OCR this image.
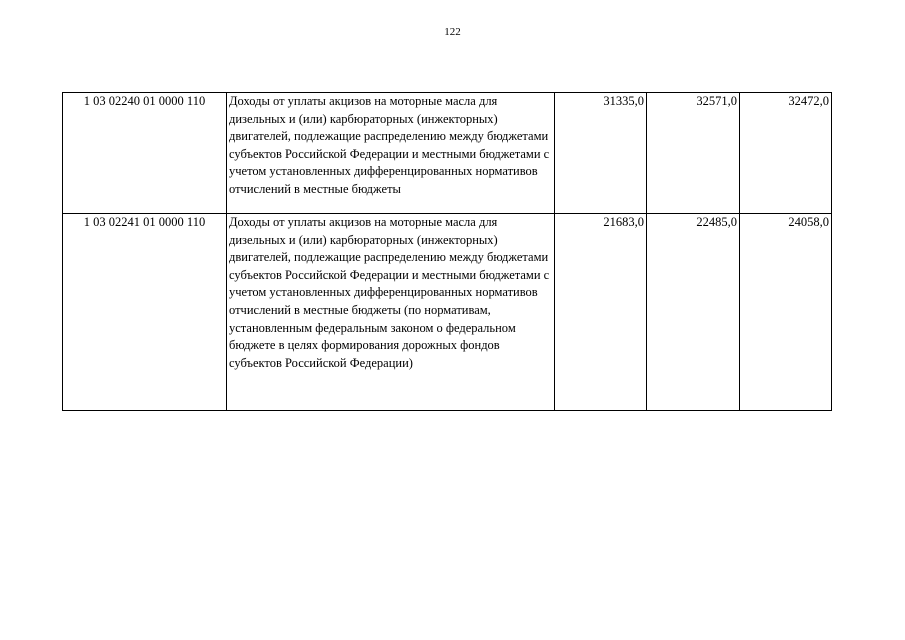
122
1 03 02240 01 0000 110	Доходы от уплаты акцизов на моторные масла для дизельных и (или) карбюраторных (инжекторных) двигателей, подлежащие распределению между бюджетами субъектов Российской Федерации и местными бюджетами с учетом установленных дифференцированных нормативов отчислений в местные бюджеты	31335,0	32571,0	32472,0
1 03 02241 01 0000 110	Доходы от уплаты акцизов на моторные масла для дизельных и (или) карбюраторных (инжекторных) двигателей, подлежащие распределению между бюджетами субъектов Российской Федерации и местными бюджетами с учетом установленных дифференцированных нормативов отчислений в местные бюджеты (по нормативам, установленным федеральным законом о федеральном бюджете в целях формирования дорожных фондов субъектов Российской Федерации)	21683,0	22485,0	24058,0
